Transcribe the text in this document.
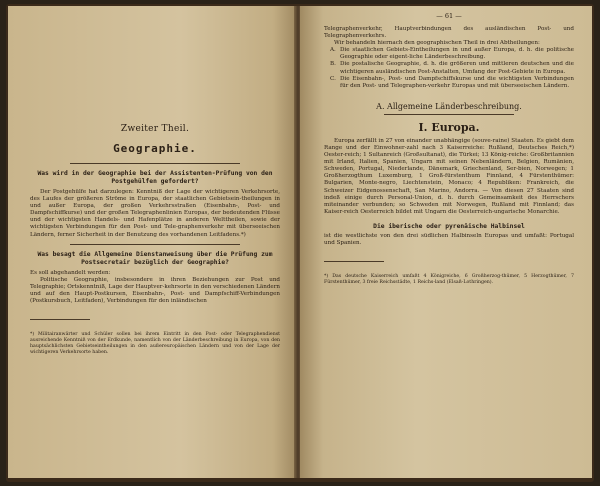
Zweiter Theil.
Geographie.
Was wird in der Geographie bei der Assistenten-Prüfung von den Postgehülfen gefordert?

Der Postgehülfe hat darzulegen: Kenntniß der Lage der wichtigeren Verkehrsorte, des Laufes der größeren Ströme in Europa, der staatlichen Gebietsein-theilungen in und außer Europa, der großen Verkehrsstraßen (Eisenbahn-, Post- und Dampfschiffkurse) und der großen Telegraphenlinien Europas, der bedeutenden Flüsse und der wichtigsten Handels- und Hafenplätze in anderen Welttheilen, sowie der wichtigsten Verbindungen für den Post- und Tele-graphenverkehr mit überseeischen Ländern, ferner Sicherheit in der Benutzung des vorhandenen Leitfadens.*)

Was besagt die Allgemeine Dienstanweisung über die Prüfung zum Postsecretair bezüglich der Geographie?

Es soll abgehandelt werden:

Politische Geographie, insbesondere in ihren Beziehungen zur Post und Telegraphie; Ortskenntniß, Lage der Hauptver-kehrsorte in den verschiedenen Ländern und auf den Haupt-Postkursen, Eisenbahn-, Post- und Dampfschiff-Verbindungen (Postkursbuch, Leitfaden), Verbindungen für den inländischen

*) Militairanwärter und Schüler sollen bei ihrem Eintritt in den Post- oder Telegraphendienst ausreichende Kenntniß von der Erdkunde, namentlich von der Länderbeschreibung in Europa, von den hauptsächlichsten Gebietseintheilungen in den außereuropäischen Ländern und von der Lage der wichtigeren Verkehrsorte haben.

— 61 —

Telegraphenverkehr, Hauptverbindungen des ausländischen Post- und Telegraphenverkehrs.

Wir behandeln hiernach den geographischen Theil in drei Abtheilungen:

A. Die staatlichen Gebiets-Eintheilungen in und außer Europa, d. h. die politische Geographie oder eigent-liche Länderbeschreibung.
B. Die postalische Geographie, d. h. die größeren und mittleren deutschen und die wichtigeren ausländischen Post-Anstalten, Umfang der Post-Gebiete in Europa.
C. Die Eisenbahn-, Post- und Dampfschiffskurse und die wichtigsten Verbindungen für den Post- und Telegraphen-verkehr Europas und mit überseeischen Ländern.
A. Allgemeine Länderbeschreibung.
I. Europa.

Europa zerfällt in 27 von einander unabhängige (souve-raine) Staaten. Es giebt dem Range und der Einwohner-zahl nach 3 Kaiserreiche: Rußland, Deutsches Reich,*) Oester-reich; 1 Sultanreich (Großsultanat), die Türkei; 13 König-reiche: Großbritannien mit Irland, Italien, Spanien, Ungarn mit seinen Nebenländern, Belgien, Rumänien, Schweden, Portugal, Niederlande, Dänemark, Griechenland, Ser-bien, Norwegen; 1 Großherzogthum Luxemburg, 1 Groß-fürstenthum Finnland, 4 Fürstenthümer: Bulgarien, Monte-negro, Liechtenstein, Monaco; 4 Republiken: Frankreich, die Schweizer Eidgenossenschaft, San Marino, Andorra. — Von diesen 27 Staaten sind indeß einige durch Personal-Union, d. h. durch Gemeinsamkeit des Herrschers miteinander verbunden; so Schweden mit Norwegen, Rußland mit Finnland; das Kaiser-reich Oesterreich bildet mit Ungarn die Oesterreich-ungarische Monarchie.

Die iberische oder pyrenäische Halbinsel

ist die westlichste von den drei südlichen Halbinseln Europas und umfaßt: Portugal und Spanien.

*) Das deutsche Kaiserreich umfaßt 4 Königreiche, 6 Großherzog-thümer, 5 Herzogthümer, 7 Fürstenthümer, 3 freie Reichsstädte, 1 Reichs-land (Elsaß-Lothringen).
